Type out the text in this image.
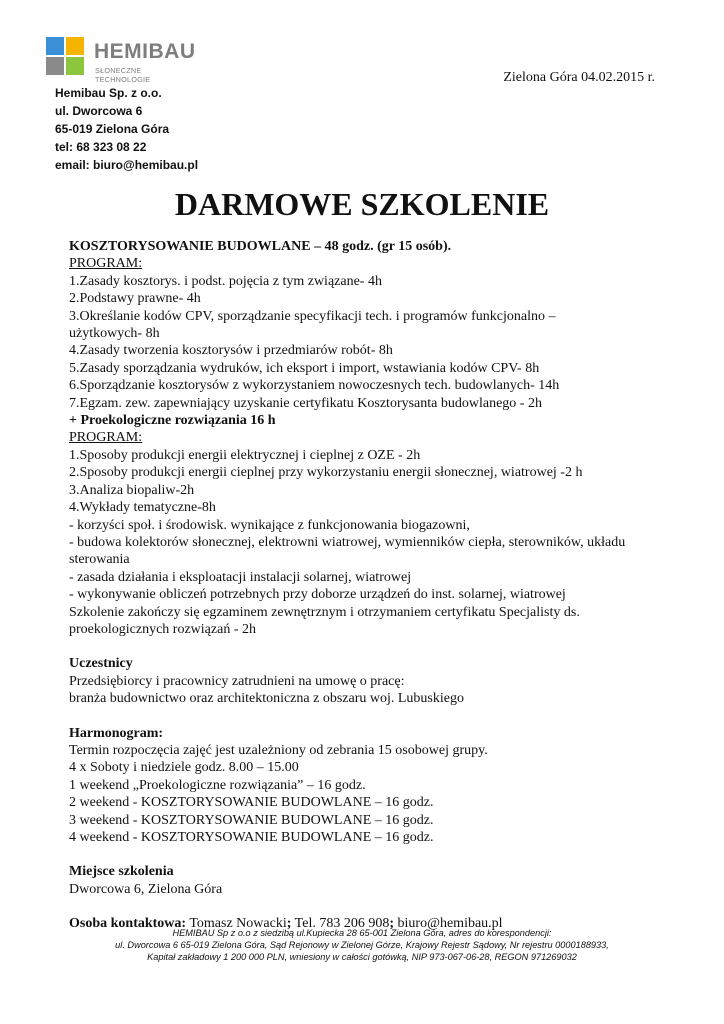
HEMIBAU
SŁONECZNE TECHNOLOGIE
Hemibau Sp. z o.o.
ul. Dworcowa 6
65-019 Zielona Góra
tel: 68 323 08 22
email: biuro@hemibau.pl
Zielona Góra 04.02.2015 r.
DARMOWE SZKOLENIE
KOSZTORYSOWANIE BUDOWLANE – 48 godz. (gr 15 osób).
PROGRAM:
1.Zasady kosztorys. i podst. pojęcia z tym związane- 4h
2.Podstawy prawne- 4h
3.Określanie kodów CPV, sporządzanie specyfikacji tech. i programów funkcjonalno –
użytkowych- 8h
4.Zasady tworzenia kosztorysów i przedmiarów robót- 8h
5.Zasady sporządzania wydruków, ich eksport i import, wstawiania kodów CPV- 8h
6.Sporządzanie kosztorysów z wykorzystaniem nowoczesnych tech. budowlanych- 14h
7.Egzam. zew. zapewniający uzyskanie certyfikatu Kosztorysanta budowlanego - 2h
+ Proekologiczne rozwiązania 16 h
PROGRAM:
1.Sposoby produkcji energii elektrycznej i cieplnej z OZE - 2h
2.Sposoby produkcji energii cieplnej przy wykorzystaniu energii słonecznej, wiatrowej -2 h
3.Analiza biopaliw-2h
4.Wykłady tematyczne-8h
- korzyści społ. i środowisk. wynikające z funkcjonowania biogazowni,
- budowa kolektorów słonecznej, elektrowni wiatrowej, wymienników ciepła, sterowników, układu
sterowania
- zasada działania i eksploatacji instalacji solarnej, wiatrowej
- wykonywanie obliczeń potrzebnych przy doborze urządzeń do inst. solarnej, wiatrowej
Szkolenie zakończy się egzaminem zewnętrznym i otrzymaniem certyfikatu Specjalisty ds.
proekologicznych rozwiązań - 2h
Uczestnicy
Przedsiębiorcy i pracownicy zatrudnieni na umowę o pracę:
branża budownictwo oraz architektoniczna z obszaru woj. Lubuskiego
Harmonogram:
Termin rozpoczęcia zajęć jest uzależniony od zebrania 15 osobowej grupy.
4 x Soboty i niedziele godz. 8.00 – 15.00
1 weekend „Proekologiczne rozwiązania” – 16 godz.
2 weekend - KOSZTORYSOWANIE BUDOWLANE – 16 godz.
3 weekend - KOSZTORYSOWANIE BUDOWLANE – 16 godz.
4 weekend - KOSZTORYSOWANIE BUDOWLANE – 16 godz.
Miejsce szkolenia
Dworcowa 6, Zielona Góra
Osoba kontaktowa: Tomasz Nowacki; Tel. 783 206 908; biuro@hemibau.pl
HEMIBAU Sp z o.o z siedzibą ul.Kupiecka 28 65-001 Zielona Góra, adres do korespondencji:
ul. Dworcowa 6 65-019 Zielona Góra, Sąd Rejonowy w Zielonej Górze, Krajowy Rejestr Sądowy, Nr rejestru 0000188933,
Kapitał zakładowy 1 200 000 PLN, wniesiony w całości gotówką, NIP 973-067-06-28, REGON 971269032
